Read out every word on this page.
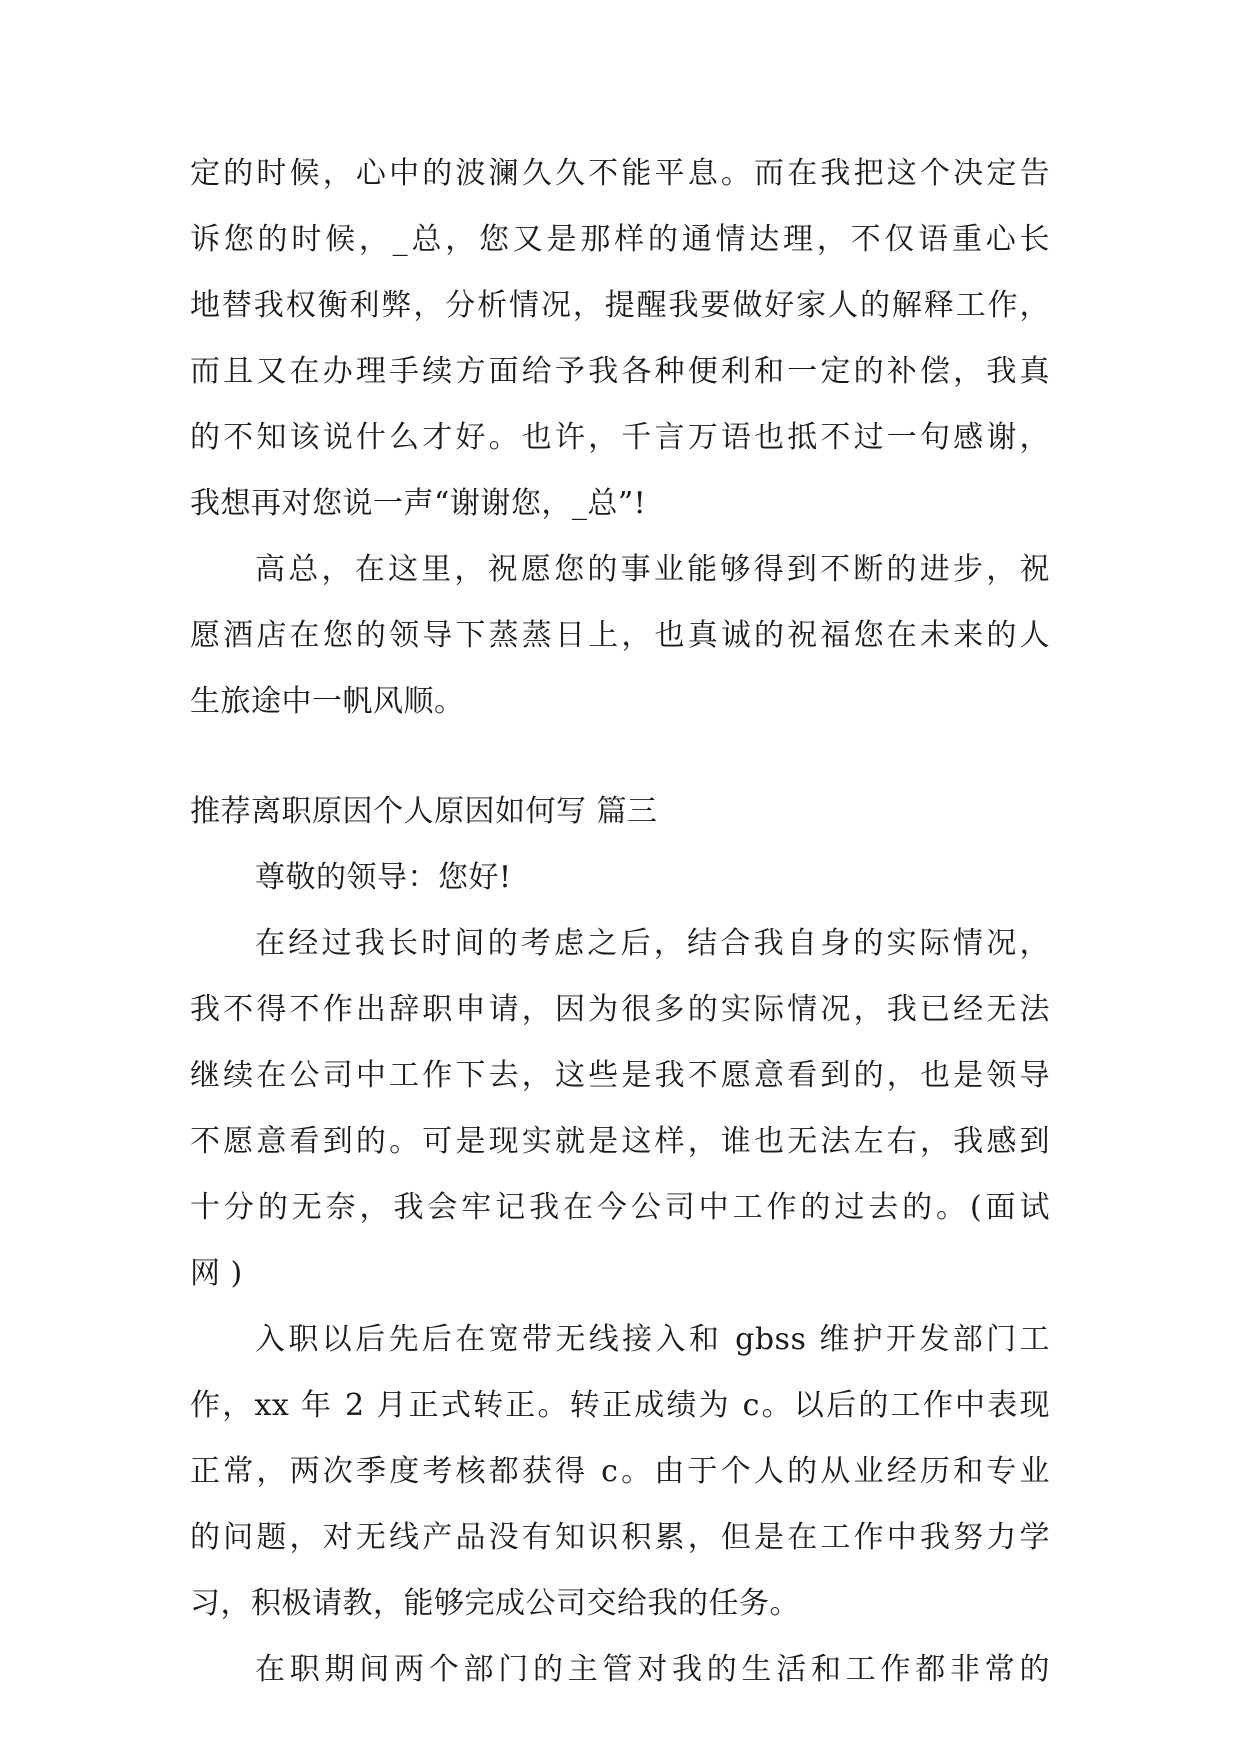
定的时候，心中的波澜久久不能平息。而在我把这个决定告
诉您的时候，_总，您又是那样的通情达理，不仅语重心长
地替我权衡利弊，分析情况，提醒我要做好家人的解释工作，
而且又在办理手续方面给予我各种便利和一定的补偿，我真
的不知该说什么才好。也许，千言万语也抵不过一句感谢，
我想再对您说一声“谢谢您，_总”!
高总，在这里，祝愿您的事业能够得到不断的进步，祝
愿酒店在您的领导下蒸蒸日上，也真诚的祝福您在未来的人
生旅途中一帆风顺。
推荐离职原因个人原因如何写 篇三
尊敬的领导：您好!
在经过我长时间的考虑之后，结合我自身的实际情况，
我不得不作出辞职申请，因为很多的实际情况，我已经无法
继续在公司中工作下去，这些是我不愿意看到的，也是领导
不愿意看到的。可是现实就是这样，谁也无法左右，我感到
十分的无奈，我会牢记我在今公司中工作的过去的。(面试
网 )
入职以后先后在宽带无线接入和 gbss 维护开发部门工
作，xx 年 2 月正式转正。转正成绩为 c。以后的工作中表现
正常，两次季度考核都获得 c。由于个人的从业经历和专业
的问题，对无线产品没有知识积累，但是在工作中我努力学
习，积极请教，能够完成公司交给我的任务。
在职期间两个部门的主管对我的生活和工作都非常的
